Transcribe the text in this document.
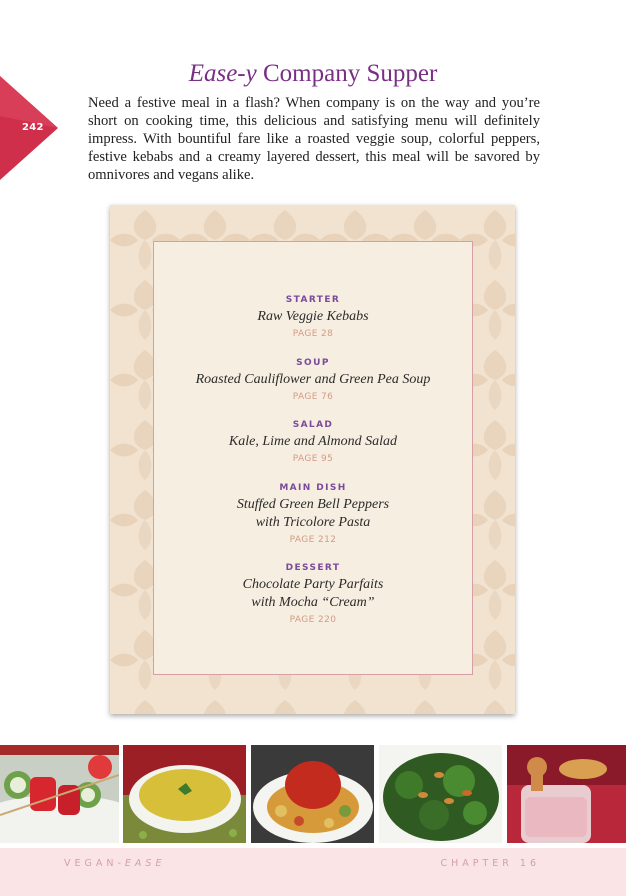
242
Ease-y Company Supper
Need a festive meal in a flash? When company is on the way and you’re short on cooking time, this delicious and satisfying menu will definitely impress. With bountiful fare like a roasted veggie soup, colorful peppers, festive kebabs and a creamy layered dessert, this meal will be savored by omnivores and vegans alike.
STARTER
Raw Veggie Kebabs
PAGE 28
SOUP
Roasted Cauliflower and Green Pea Soup
PAGE 76
SALAD
Kale, Lime and Almond Salad
PAGE 95
MAIN DISH
Stuffed Green Bell Peppers
with Tricolore Pasta
PAGE 212
DESSERT
Chocolate Party Parfaits
with Mocha “Cream”
PAGE 220
VEGAN-EASE	CHAPTER 16
